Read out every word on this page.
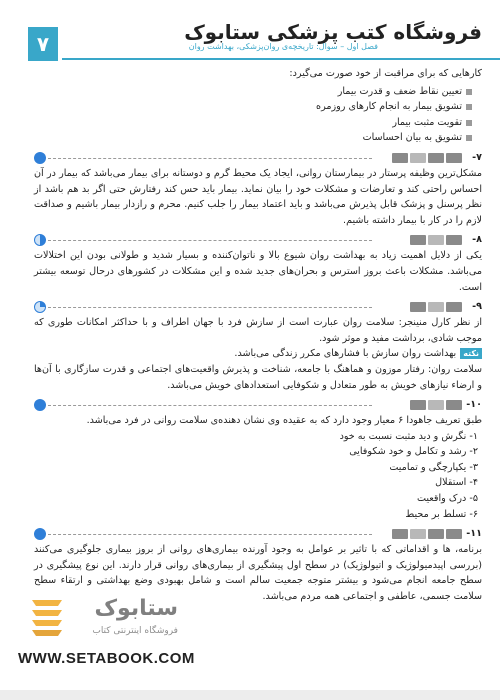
۷	فروشگاه کتب پزشکی ستابوک
فصل اول – سوال: تاریخچه‌ی روان‌پزشکی، بهداشت روان
کارهایی که برای مراقبت از خود صورت می‌گیرد:
تعیین نقاط ضعف و قدرت بیمار
تشویق بیمار به انجام کارهای روزمره
تقویت مثبت بیمار
تشویق به بیان احساسات
۷-
مشکل‌ترین وظیفه پرستار در بیمارستان روانی، ایجاد یک محیط گرم و دوستانه برای بیمار می‌باشد که بیمار در آن احساس راحتی کند و تعارضات و مشکلات خود را بیان نماید. بیمار باید حس کند رفتارش حتی اگر بد هم باشد از نظر پرسنل و پزشک قابل پذیرش می‌باشد و باید اعتماد بیمار را جلب کنیم. محرم و رازدار بیمار باشیم و صداقت لازم را در کار با بیمار داشته باشیم.
۸-
یکی از دلایل اهمیت زیاد به بهداشت روان شیوع بالا و ناتوان‌کننده و بسیار شدید و طولانی بودن این اختلالات می‌باشد. مشکلات باعث بروز استرس و بحران‌های جدید شده و این مشکلات در کشورهای درحال توسعه بیشتر است.
۹-
از نظر کارل منینجر: سلامت روان عبارت است از سازش فرد با جهان اطراف و با حداکثر امکانات طوری که موجب شادی، برداشت مفید و موثر شود.
نکتهبهداشت روان سازش با فشارهای مکرر زندگی می‌باشد.
سلامت روان: رفتار موزون و هماهنگ با جامعه، شناخت و پذیرش واقعیت‌های اجتماعی و قدرت سازگاری با آن‌ها و ارضاء نیازهای خویش به طور متعادل و شکوفایی استعدادهای خویش می‌باشد.
۱۰-
طبق تعریف جاهودا ۶ معیار وجود دارد که به عقیده وی نشان دهنده‌ی سلامت روانی در فرد می‌باشد.
۱- نگرش و دید مثبت نسبت به خود
۲- رشد و تکامل و خود شکوفایی
۳- یکپارچگی و تمامیت
۴- استقلال
۵- درک واقعیت
۶- تسلط بر محیط
۱۱-
برنامه، ها و اقداماتی که با تاثیر بر عوامل به وجود آورنده بیماری‌های روانی از بروز بیماری جلوگیری می‌کنند (بررسی اپیدمیولوژیک و اتیولوژیک) در سطح اول پیشگیری از بیماری‌های روانی قرار دارند. این نوع پیشگیری در سطح جامعه انجام می‌شود و بیشتر متوجه جمعیت سالم است و شامل بهبودی وضع بهداشتی و ارتقاء سطح سلامت جسمی، عاطفی و اجتماعی همه مردم می‌باشد.
ستابوک
فروشگاه اینترنتی کتاب
WWW.SETABOOK.COM
